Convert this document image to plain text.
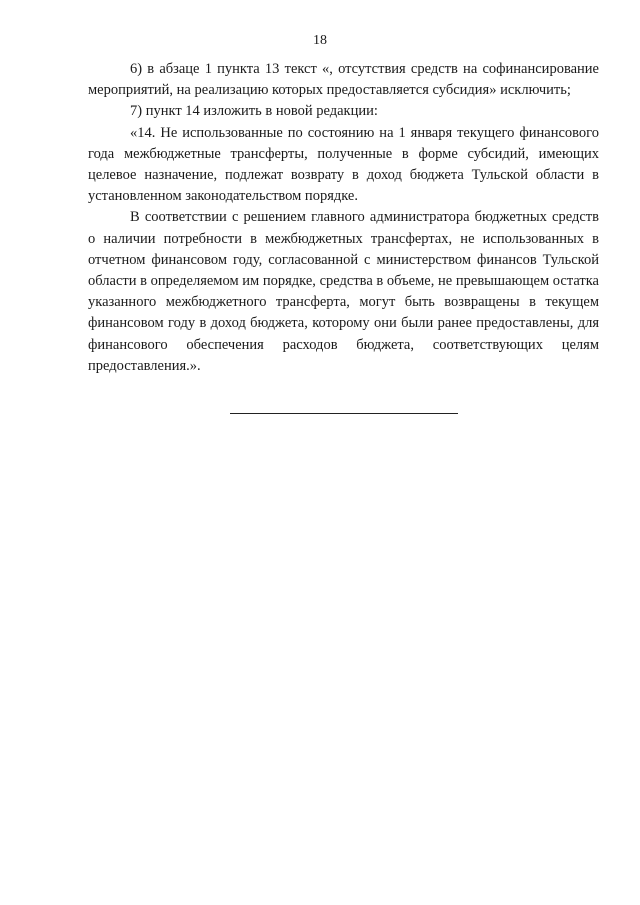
18

6) в абзаце 1 пункта 13 текст «, отсутствия средств на софинансирование мероприятий, на реализацию которых предоставляется субсидия» исключить;

7) пункт 14 изложить в новой редакции:

«14. Не использованные по состоянию на 1 января текущего финансового года межбюджетные трансферты, полученные в форме субсидий, имеющих целевое назначение, подлежат возврату в доход бюджета Тульской области в установленном законодательством порядке.

В соответствии с решением главного администратора бюджетных средств о наличии потребности в межбюджетных трансфертах, не использованных в отчетном финансовом году, согласованной с министерством финансов Тульской области в определяемом им порядке, средства в объеме, не превышающем остатка указанного межбюджетного трансферта, могут быть возвращены в текущем финансовом году в доход бюджета, которому они были ранее предоставлены, для финансового обеспечения расходов бюджета, соответствующих целям предоставления.».
